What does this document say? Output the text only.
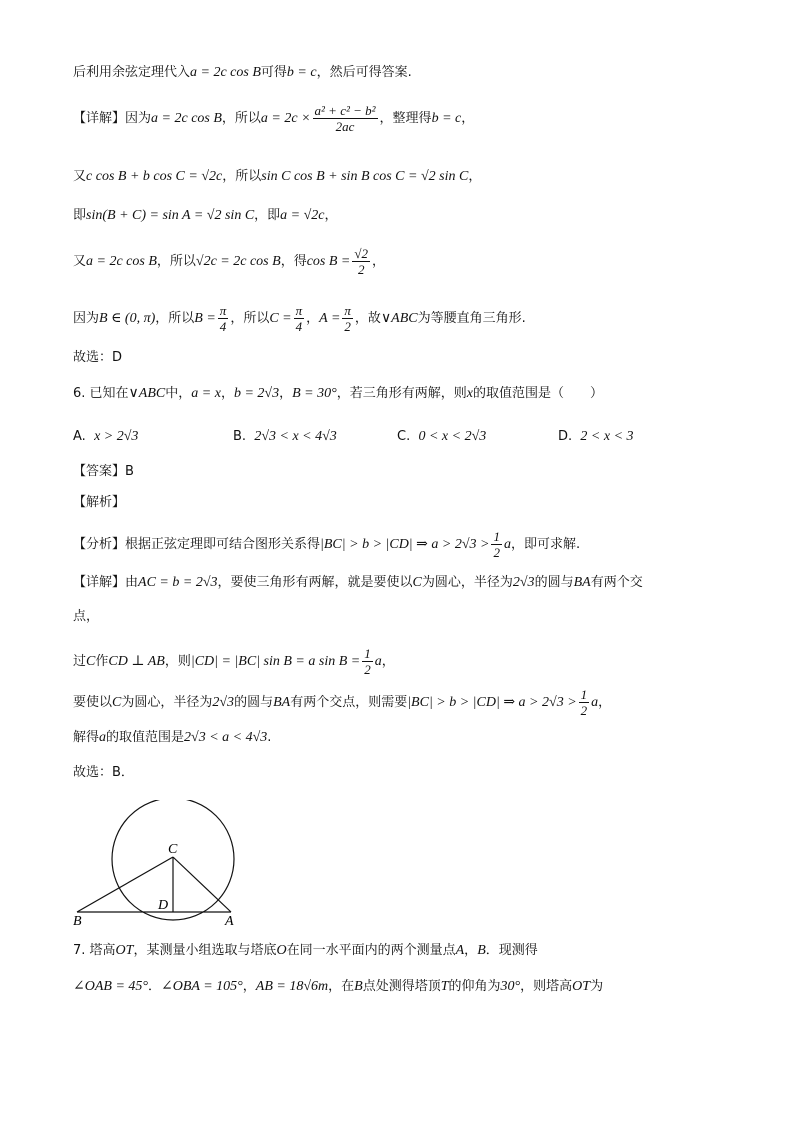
后利用余弦定理代入a = 2c cos B可得b = c，然后可得答案.
【详解】因为a = 2c cos B，所以$a = 2c \times \frac{\text{a² + c² − b²}}{2ac}$ ，整理得b = c，
又c cos B + b cos C = √2c，所以sin C cos B + sin B cos C = √2 sin C，
即sin(B + C) = sin A = √2 sin C，即a = √2c，
又a = 2c cos B，所以√2c = 2c cos B，得$\cos B = \frac{√2}{2}$ ，
因为B ∈ (0, π)，所以$B = \frac{\pi}{4}$ ，所以$C = \frac{\pi}{4}$ ，$A = \frac{\pi}{2}$ ，故∨ABC为等腰直角三角形.
故选：D
6. 已知在∨ABC中，a = x，b = 2√3，B = 30°，若三角形有两解，则x的取值范围是（　　）
A. x > 2√3	B. 2√3 < x < 4√3	C. 0 < x < 2√3	D. 2 < x < 3
【答案】B
【解析】
【分析】根据正弦定理即可结合图形关系得|BC| > b > |CD| ⇒ $a > 2√3 > \frac{1}{2}$ a，即可求解.
【详解】由AC = b = 2√3，要使三角形有两解，就是要使以C为圆心，半径为2√3的圆与BA有两个交
点，
过C作CD ⊥ AB，则|CD| = |BC| sin B = a $\sin B = \frac{1}{2}$ a，
要使以C为圆心，半径为2√3的圆与BA有两个交点，则需要|BC| > b > |CD| ⇒ $a > 2√3 > \frac{1}{2}$ a，
解得a的取值范围是2√3 < a < 4√3.
故选：B．
C
D
B	A
7. 塔高OT，某测量小组选取与塔底O在同一水平面内的两个测量点A，B．现测得
∠OAB = 45°．∠OBA = 105°，AB = 18√6m，在B点处测得塔顶T的仰角为30°，则塔高OT为
